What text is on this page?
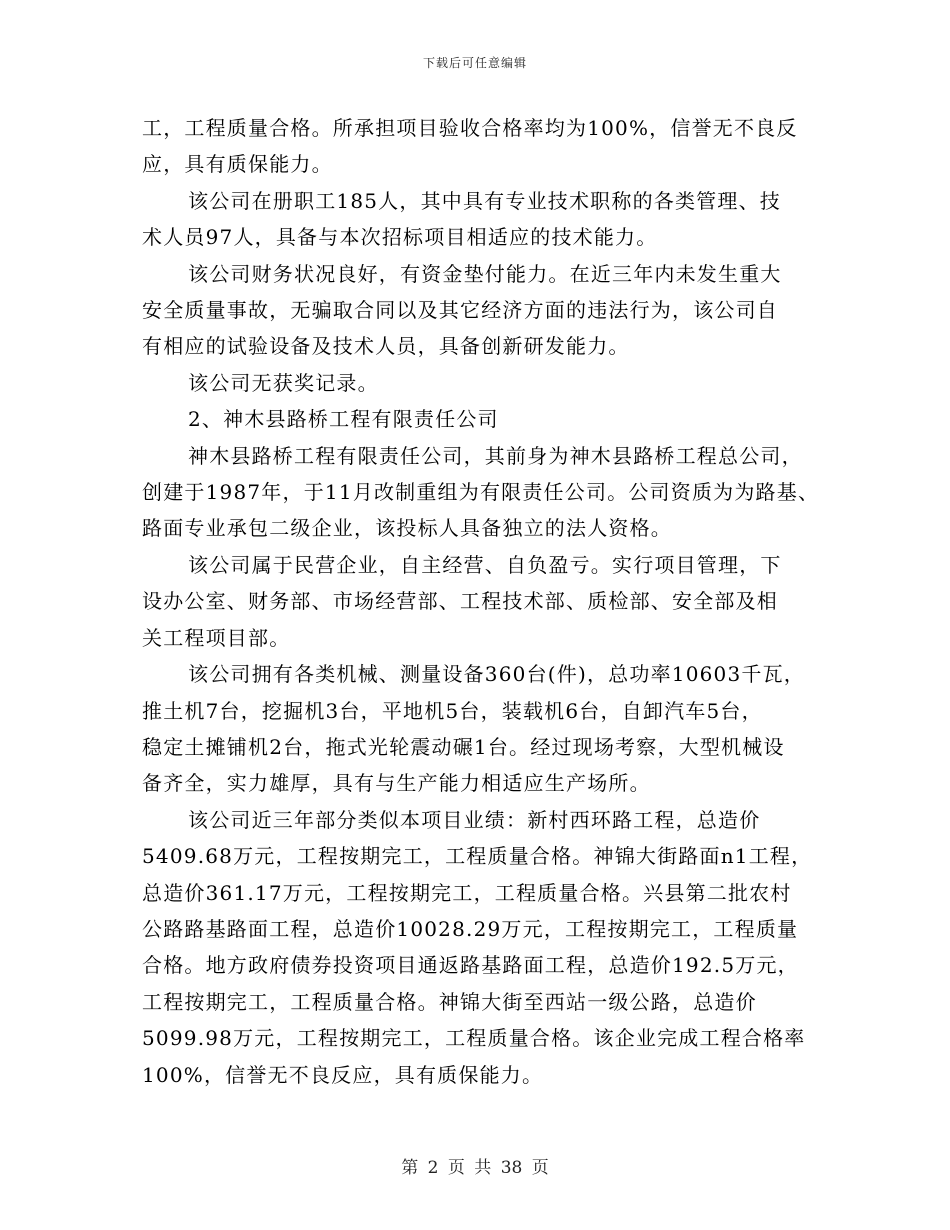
下载后可任意编辑
工，工程质量合格。所承担项目验收合格率均为100%，信誉无不良反
应，具有质保能力。
该公司在册职工185人，其中具有专业技术职称的各类管理、技
术人员97人，具备与本次招标项目相适应的技术能力。
该公司财务状况良好，有资金垫付能力。在近三年内未发生重大
安全质量事故，无骗取合同以及其它经济方面的违法行为，该公司自
有相应的试验设备及技术人员，具备创新研发能力。
该公司无获奖记录。
2、神木县路桥工程有限责任公司
神木县路桥工程有限责任公司，其前身为神木县路桥工程总公司，
创建于1987年，于11月改制重组为有限责任公司。公司资质为为路基、
路面专业承包二级企业，该投标人具备独立的法人资格。
该公司属于民营企业，自主经营、自负盈亏。实行项目管理，下
设办公室、财务部、市场经营部、工程技术部、质检部、安全部及相
关工程项目部。
该公司拥有各类机械、测量设备360台(件)，总功率10603千瓦，
推土机7台，挖掘机3台，平地机5台，装载机6台，自卸汽车5台，
稳定土摊铺机2台，拖式光轮震动碾1台。经过现场考察，大型机械设
备齐全，实力雄厚，具有与生产能力相适应生产场所。
该公司近三年部分类似本项目业绩：新村西环路工程，总造价
5409.68万元，工程按期完工，工程质量合格。神锦大街路面n1工程，
总造价361.17万元，工程按期完工，工程质量合格。兴县第二批农村
公路路基路面工程，总造价10028.29万元，工程按期完工，工程质量
合格。地方政府债券投资项目通返路基路面工程，总造价192.5万元，
工程按期完工，工程质量合格。神锦大街至西站一级公路，总造价
5099.98万元，工程按期完工，工程质量合格。该企业完成工程合格率
100%，信誉无不良反应，具有质保能力。
第 2 页 共 38 页
